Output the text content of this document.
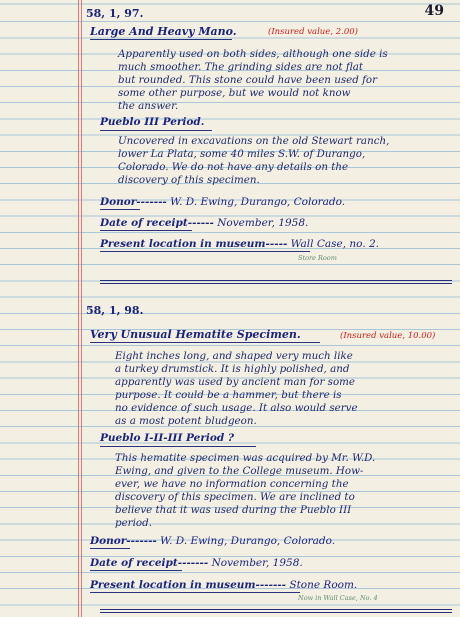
49
58, 1, 97.
Large And Heavy Mano.	(Insured value, 2.00)
Apparently used on both sides, although one side is
much smoother. The grinding sides are not flat
but rounded. This stone could have been used for
some other purpose, but we would not know
the answer.
Pueblo III Period.
Uncovered in excavations on the old Stewart ranch,
lower La Plata, some 40 miles S.W. of Durango,
Colorado. We do not have any details on the
discovery of this specimen.
Donor------- W. D. Ewing, Durango, Colorado.
Date of receipt------ November, 1958.
Present location in museum----- Wall Case, no. 2.
Store Room
58, 1, 98.
Very Unusual Hematite Specimen.	(Insured value, 10.00)
Eight inches long, and shaped very much like
a turkey drumstick. It is highly polished, and
apparently was used by ancient man for some
purpose. It could be a hammer, but there is
no evidence of such usage. It also would serve
as a most potent bludgeon.
Pueblo I-II-III Period ?
This hematite specimen was acquired by Mr. W.D.
Ewing, and given to the College museum. How-
ever, we have no information concerning the
discovery of this specimen. We are inclined to
believe that it was used during the Pueblo III
period.
Donor------- W. D. Ewing, Durango, Colorado.
Date of receipt------- November, 1958.
Present location in museum------- Stone Room.
Now in Wall Case, No. 4
